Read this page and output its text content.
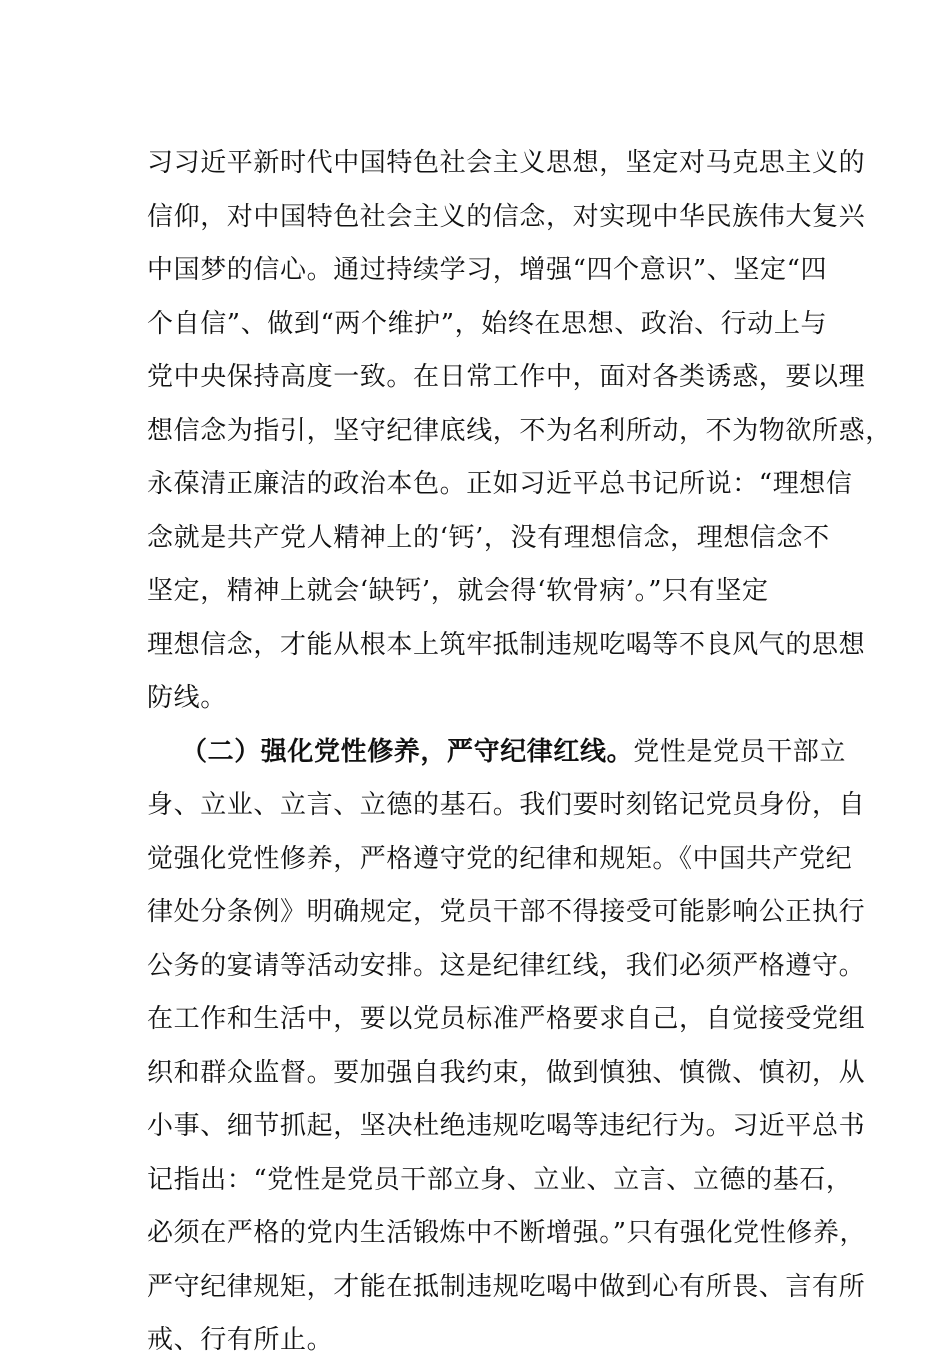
习习近平新时代中国特色社会主义思想，坚定对马克思主义的
信仰，对中国特色社会主义的信念，对实现中华民族伟大复兴
中国梦的信心。通过持续学习，增强“四个意识”、坚定“四
个自信”、做到“两个维护”，始终在思想、政治、行动上与
党中央保持高度一致。在日常工作中，面对各类诱惑，要以理
想信念为指引，坚守纪律底线，不为名利所动，不为物欲所惑，
永葆清正廉洁的政治本色。正如习近平总书记所说：“理想信
念就是共产党人精神上的‘钙’，没有理想信念，理想信念不
坚定，精神上就会‘缺钙’，就会得‘软骨病’。”只有坚定
理想信念，才能从根本上筑牢抵制违规吃喝等不良风气的思想
防线。
（二）强化党性修养，严守纪律红线。党性是党员干部立
身、立业、立言、立德的基石。我们要时刻铭记党员身份，自
觉强化党性修养，严格遵守党的纪律和规矩。《中国共产党纪
律处分条例》明确规定，党员干部不得接受可能影响公正执行
公务的宴请等活动安排。这是纪律红线，我们必须严格遵守。
在工作和生活中，要以党员标准严格要求自己，自觉接受党组
织和群众监督。要加强自我约束，做到慎独、慎微、慎初，从
小事、细节抓起，坚决杜绝违规吃喝等违纪行为。习近平总书
记指出：“党性是党员干部立身、立业、立言、立德的基石，
必须在严格的党内生活锻炼中不断增强。”只有强化党性修养，
严守纪律规矩，才能在抵制违规吃喝中做到心有所畏、言有所
戒、行有所止。
